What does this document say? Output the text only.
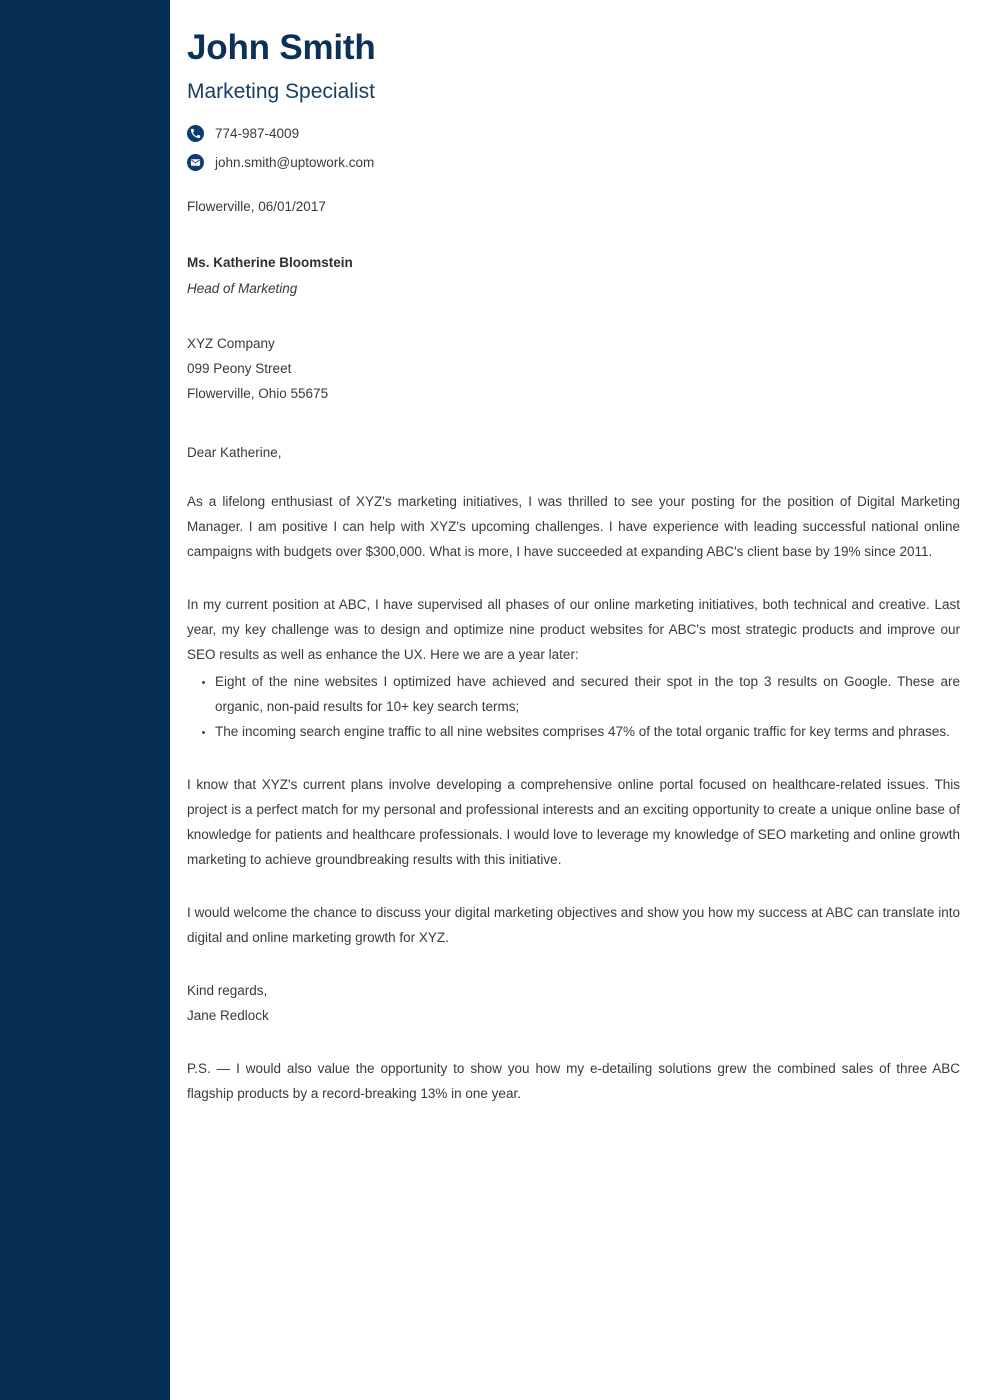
John Smith
Marketing Specialist
774-987-4009
john.smith@uptowork.com

Flowerville, 06/01/2017

Ms. Katherine Bloomstein

Head of Marketing

XYZ Company

099 Peony Street

Flowerville, Ohio 55675

Dear Katherine,

As a lifelong enthusiast of XYZ's marketing initiatives, I was thrilled to see your posting for the position of Digital Marketing Manager. I am positive I can help with XYZ's upcoming challenges. I have experience with leading successful national online campaigns with budgets over $300,000. What is more, I have succeeded at expanding ABC's client base by 19% since 2011.

In my current position at ABC, I have supervised all phases of our online marketing initiatives, both technical and creative. Last year, my key challenge was to design and optimize nine product websites for ABC's most strategic products and improve our SEO results as well as enhance the UX. Here we are a year later:

Eight of the nine websites I optimized have achieved and secured their spot in the top 3 results on Google. These are organic, non-paid results for 10+ key search terms;
The incoming search engine traffic to all nine websites comprises 47% of the total organic traffic for key terms and phrases.

I know that XYZ's current plans involve developing a comprehensive online portal focused on healthcare-related issues. This project is a perfect match for my personal and professional interests and an exciting opportunity to create a unique online base of knowledge for patients and healthcare professionals. I would love to leverage my knowledge of SEO marketing and online growth marketing to achieve groundbreaking results with this initiative.

I would welcome the chance to discuss your digital marketing objectives and show you how my success at ABC can translate into digital and online marketing growth for XYZ.

Kind regards,

Jane Redlock

P.S. — I would also value the opportunity to show you how my e-detailing solutions grew the combined sales of three ABC flagship products by a record-breaking 13% in one year.
